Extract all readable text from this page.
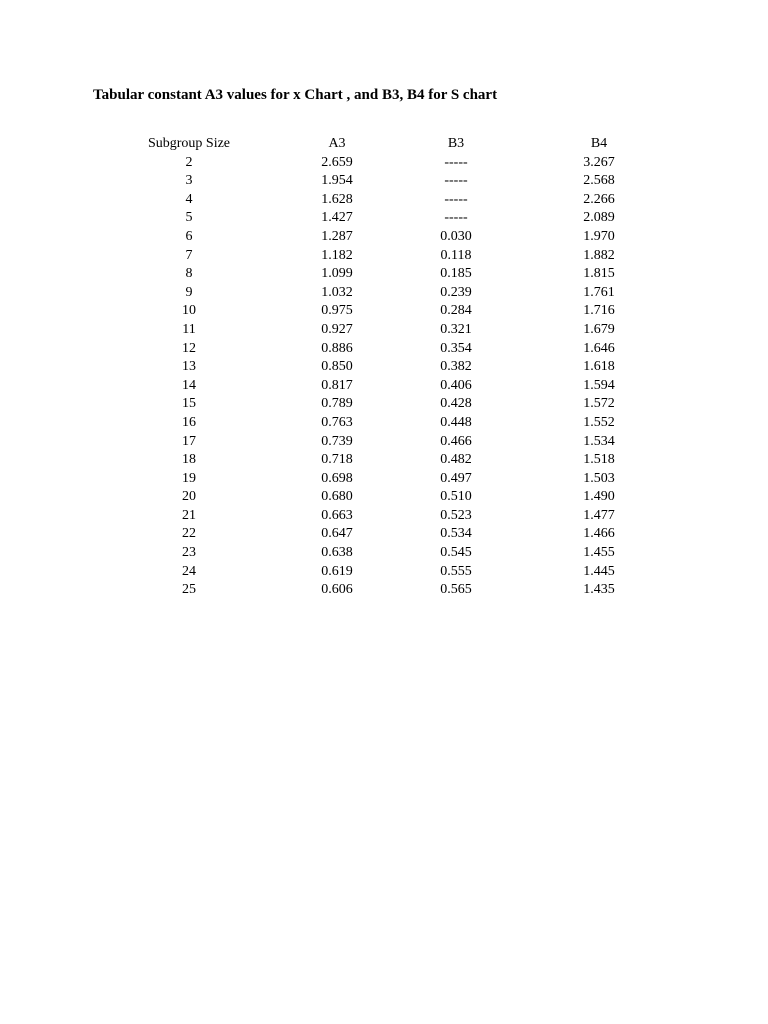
Tabular constant A3 values for x Chart , and B3, B4 for S chart
Subgroup Size	A3	B3	B4
2	2.659	-----	3.267
3	1.954	-----	2.568
4	1.628	-----	2.266
5	1.427	-----	2.089
6	1.287	0.030	1.970
7	1.182	0.118	1.882
8	1.099	0.185	1.815
9	1.032	0.239	1.761
10	0.975	0.284	1.716
11	0.927	0.321	1.679
12	0.886	0.354	1.646
13	0.850	0.382	1.618
14	0.817	0.406	1.594
15	0.789	0.428	1.572
16	0.763	0.448	1.552
17	0.739	0.466	1.534
18	0.718	0.482	1.518
19	0.698	0.497	1.503
20	0.680	0.510	1.490
21	0.663	0.523	1.477
22	0.647	0.534	1.466
23	0.638	0.545	1.455
24	0.619	0.555	1.445
25	0.606	0.565	1.435
